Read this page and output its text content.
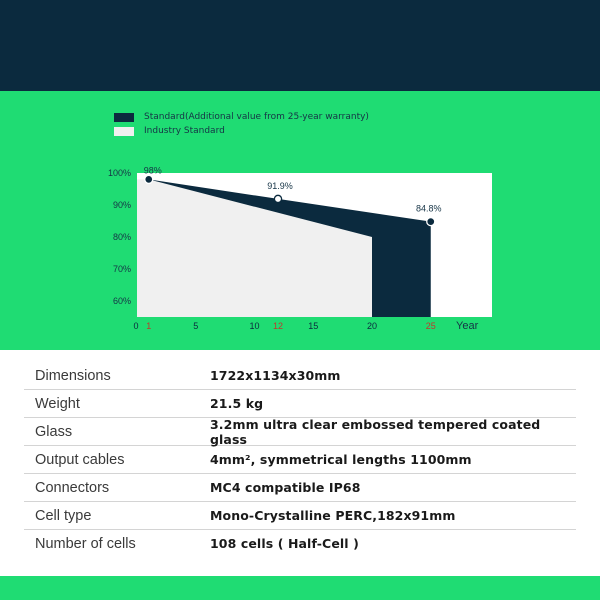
Standard(Additional value from 25-year warranty)
Industry Standard
98%
91.9%
84.8%
100%
90%
80%
70%
60%
0 1	5	10 12	15	20	25 Year
Dimensions	1722x1134x30mm
Weight	21.5 kg
Glass	3.2mm ultra clear embossed tempered coated glass
Output cables	4mm², symmetrical lengths 1100mm
Connectors	MC4 compatible IP68
Cell type	Mono-Crystalline PERC,182x91mm
Number of cells	108 cells ( Half-Cell )
